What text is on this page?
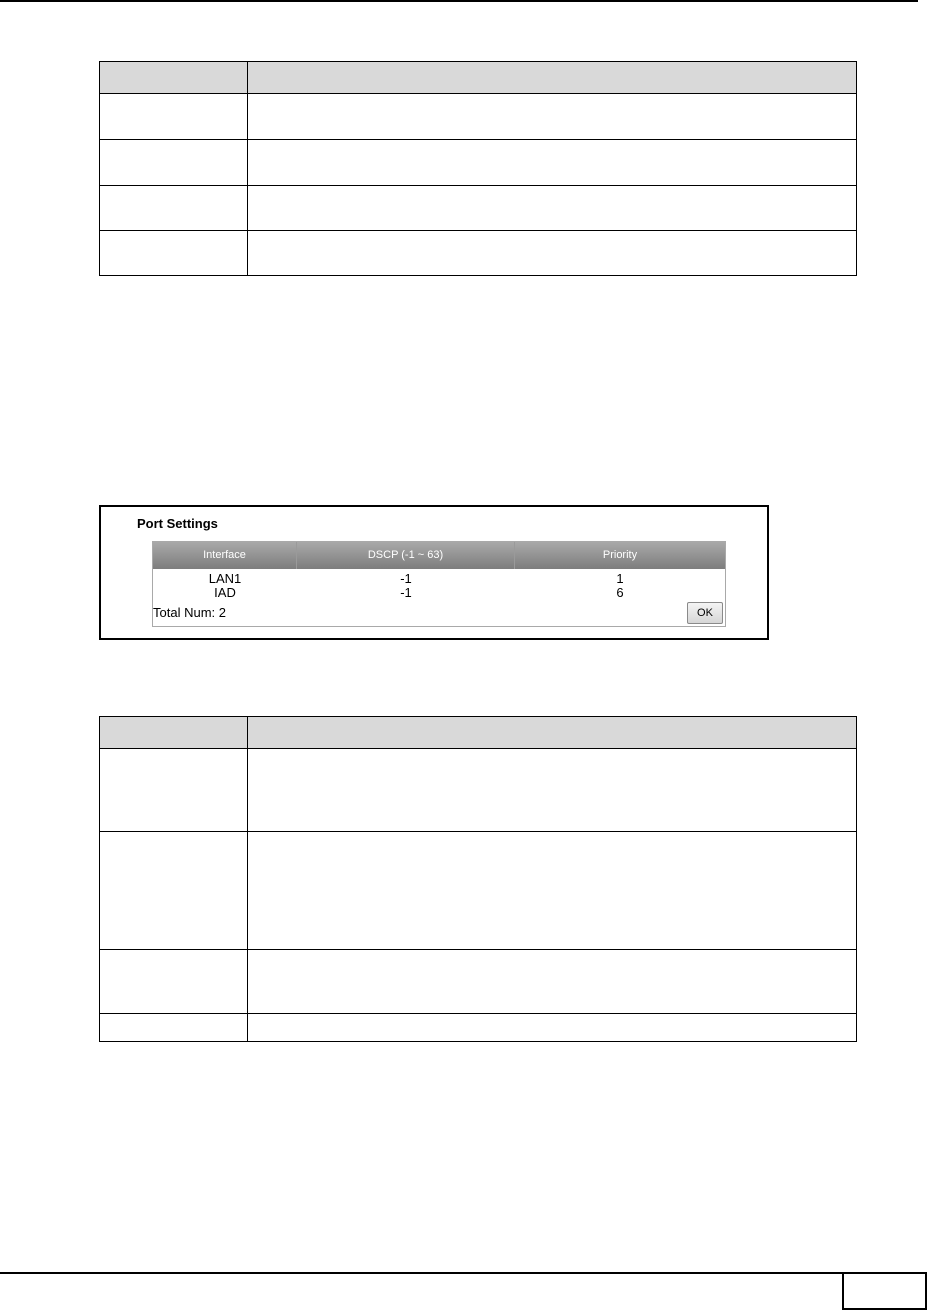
Port Settings
Interface	DSCP (-1 ~ 63)	Priority
LAN1	-1	1
IAD	-1	6
Total Num: 2	OK
